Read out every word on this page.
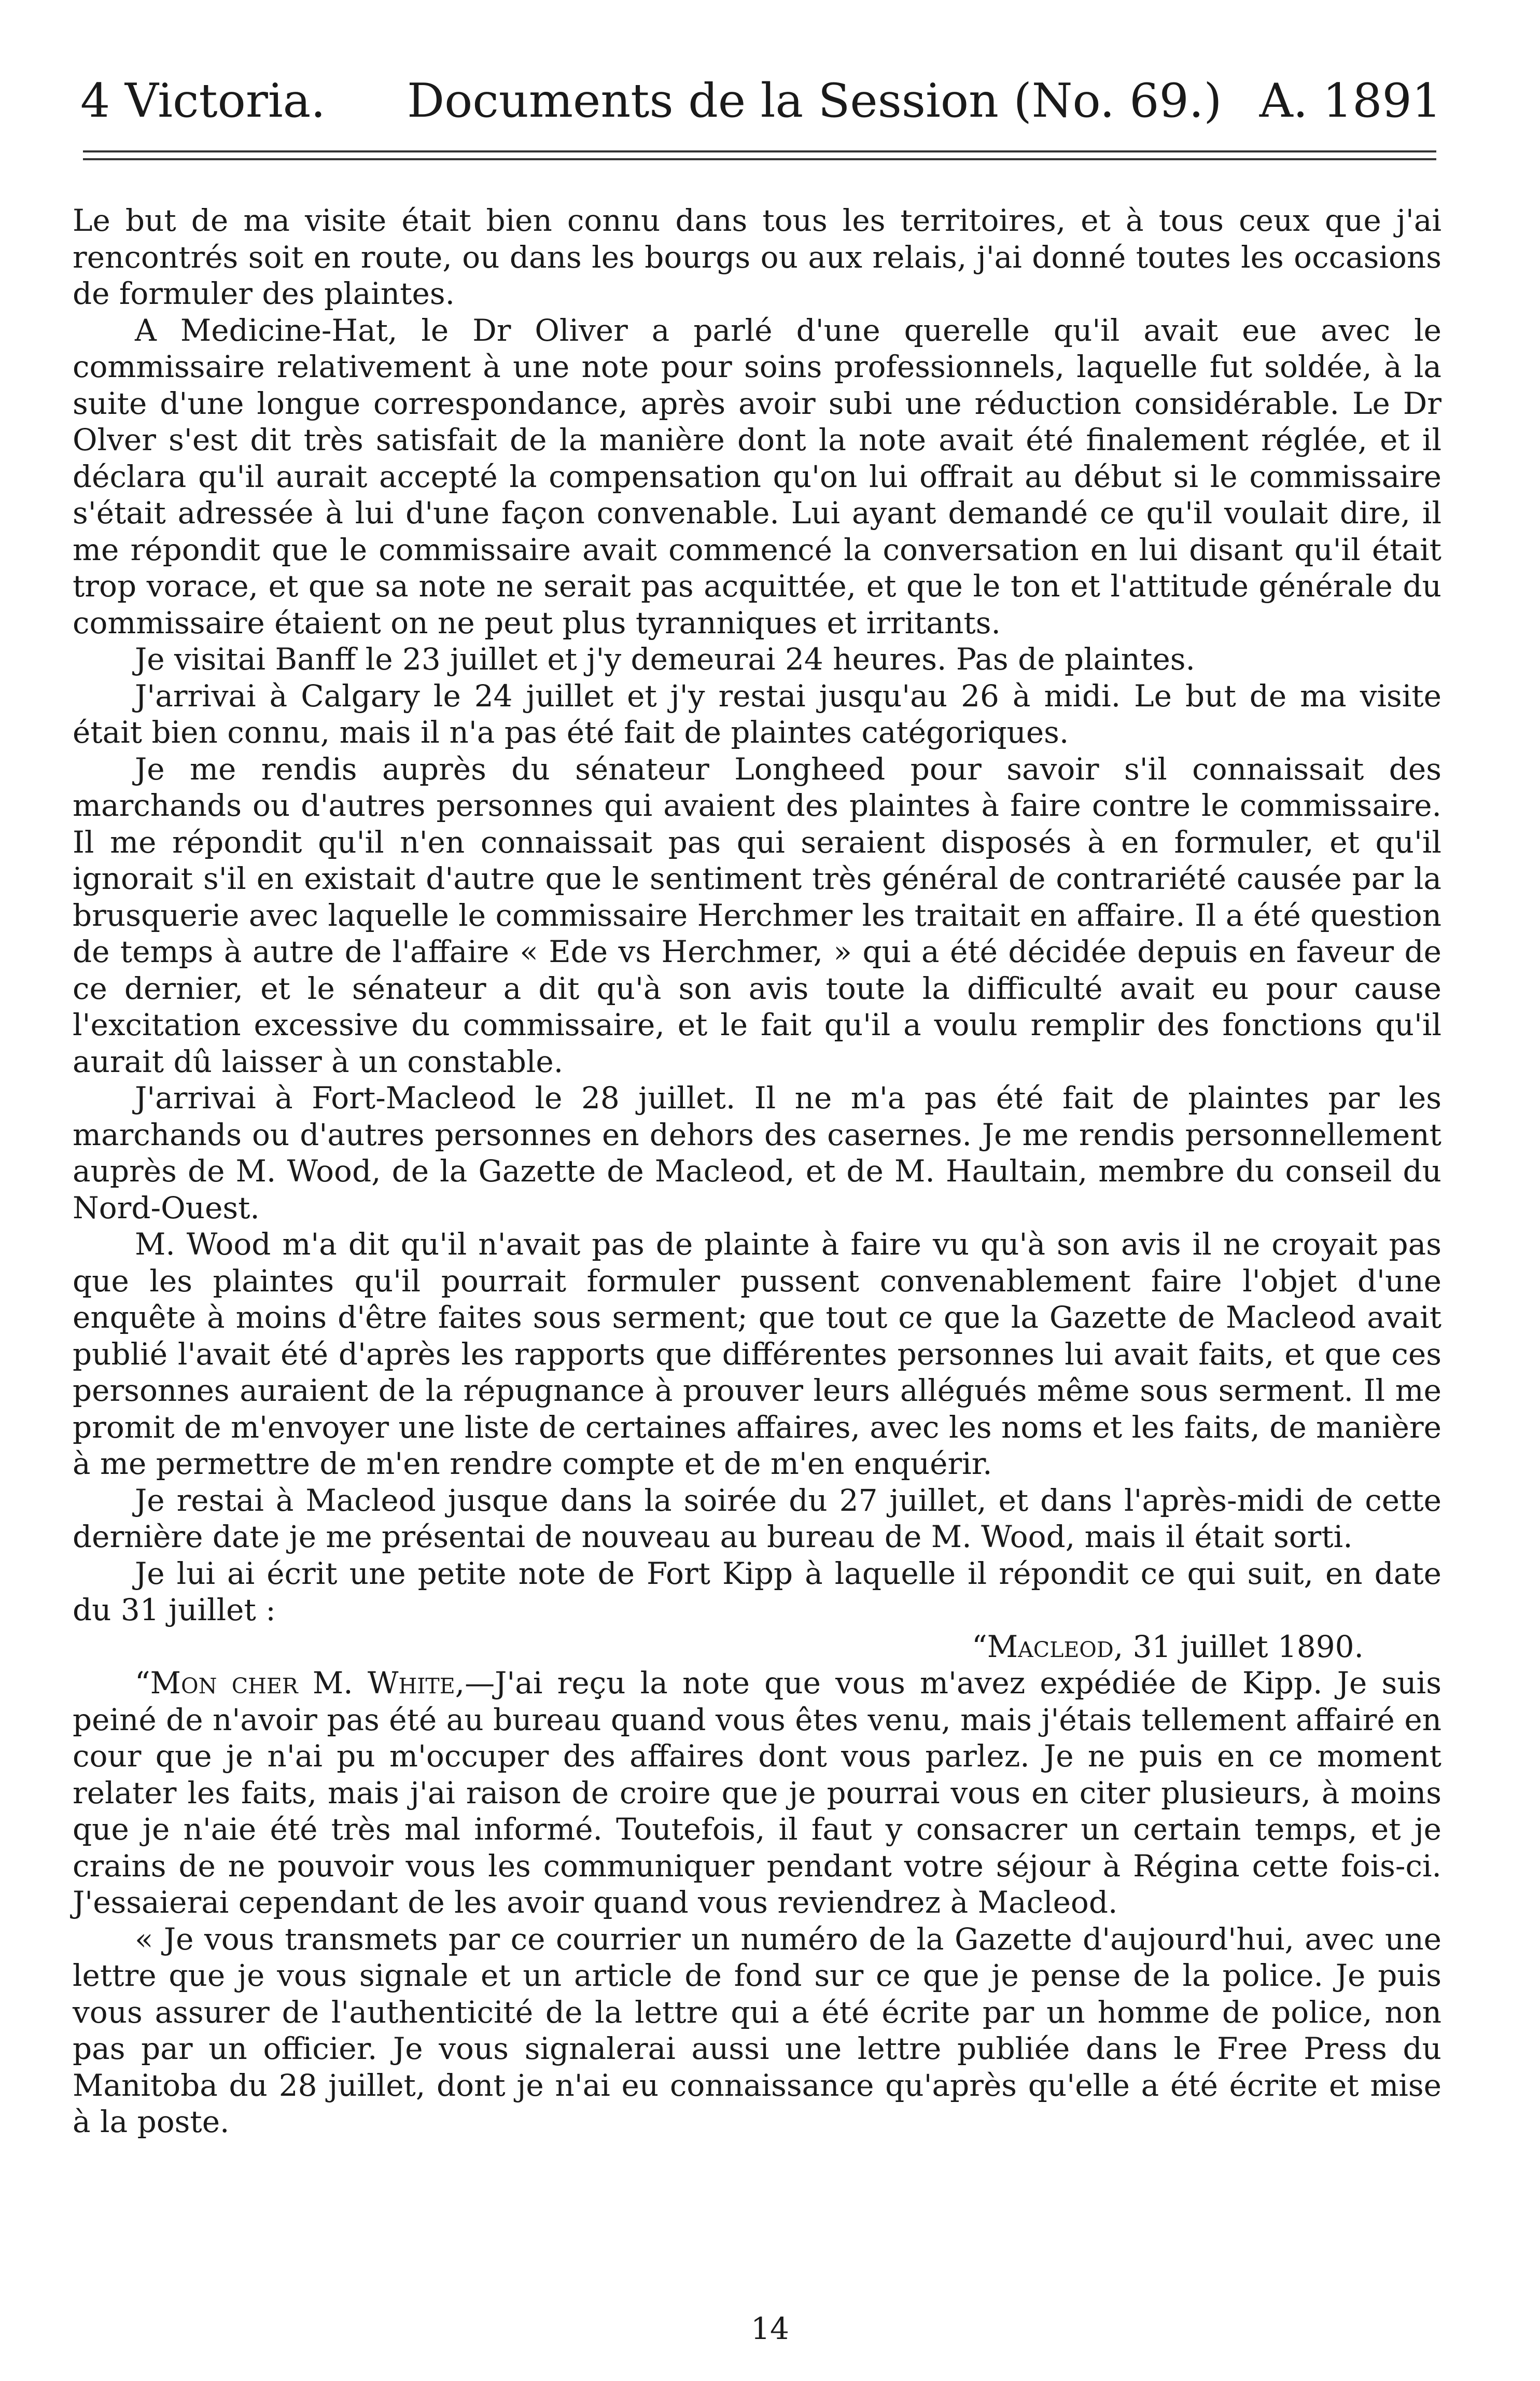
4 Victoria. Documents de la Session (No. 69.) A. 1891

Le but de ma visite était bien connu dans tous les territoires, et à tous ceux que j'ai rencontrés soit en route, ou dans les bourgs ou aux relais, j'ai donné toutes les occasions de formuler des plaintes.

A Medicine-Hat, le Dr Oliver a parlé d'une querelle qu'il avait eue avec le commissaire relativement à une note pour soins professionnels, laquelle fut soldée, à la suite d'une longue correspondance, après avoir subi une réduction considérable. Le Dr Olver s'est dit très satisfait de la manière dont la note avait été finalement réglée, et il déclara qu'il aurait accepté la compensation qu'on lui offrait au début si le commissaire s'était adressée à lui d'une façon convenable. Lui ayant demandé ce qu'il voulait dire, il me répondit que le commissaire avait commencé la conversation en lui disant qu'il était trop vorace, et que sa note ne serait pas acquittée, et que le ton et l'attitude générale du commissaire étaient on ne peut plus tyranniques et irritants.

Je visitai Banff le 23 juillet et j'y demeurai 24 heures. Pas de plaintes.

J'arrivai à Calgary le 24 juillet et j'y restai jusqu'au 26 à midi. Le but de ma visite était bien connu, mais il n'a pas été fait de plaintes catégoriques.

Je me rendis auprès du sénateur Longheed pour savoir s'il connaissait des marchands ou d'autres personnes qui avaient des plaintes à faire contre le commissaire. Il me répondit qu'il n'en connaissait pas qui seraient disposés à en formuler, et qu'il ignorait s'il en existait d'autre que le sentiment très général de contrariété causée par la brusquerie avec laquelle le commissaire Herchmer les traitait en affaire. Il a été question de temps à autre de l'affaire « Ede vs Herchmer, » qui a été décidée depuis en faveur de ce dernier, et le sénateur a dit qu'à son avis toute la difficulté avait eu pour cause l'excitation excessive du commissaire, et le fait qu'il a voulu remplir des fonctions qu'il aurait dû laisser à un constable.

J'arrivai à Fort-Macleod le 28 juillet. Il ne m'a pas été fait de plaintes par les marchands ou d'autres personnes en dehors des casernes. Je me rendis personnellement auprès de M. Wood, de la Gazette de Macleod, et de M. Haultain, membre du conseil du Nord-Ouest.

M. Wood m'a dit qu'il n'avait pas de plainte à faire vu qu'à son avis il ne croyait pas que les plaintes qu'il pourrait formuler pussent convenablement faire l'objet d'une enquête à moins d'être faites sous serment; que tout ce que la Gazette de Macleod avait publié l'avait été d'après les rapports que différentes personnes lui avait faits, et que ces personnes auraient de la répugnance à prouver leurs allégués même sous serment. Il me promit de m'envoyer une liste de certaines affaires, avec les noms et les faits, de manière à me permettre de m'en rendre compte et de m'en enquérir.

Je restai à Macleod jusque dans la soirée du 27 juillet, et dans l'après-midi de cette dernière date je me présentai de nouveau au bureau de M. Wood, mais il était sorti.

Je lui ai écrit une petite note de Fort Kipp à laquelle il répondit ce qui suit, en date du 31 juillet :

“Macleod, 31 juillet 1890.

“Mon cher M. White,—J'ai reçu la note que vous m'avez expédiée de Kipp. Je suis peiné de n'avoir pas été au bureau quand vous êtes venu, mais j'étais tellement affairé en cour que je n'ai pu m'occuper des affaires dont vous parlez. Je ne puis en ce moment relater les faits, mais j'ai raison de croire que je pourrai vous en citer plusieurs, à moins que je n'aie été très mal informé. Toutefois, il faut y consacrer un certain temps, et je crains de ne pouvoir vous les communiquer pendant votre séjour à Régina cette fois-ci. J'essaierai cependant de les avoir quand vous reviendrez à Macleod.

« Je vous transmets par ce courrier un numéro de la Gazette d'aujourd'hui, avec une lettre que je vous signale et un article de fond sur ce que je pense de la police. Je puis vous assurer de l'authenticité de la lettre qui a été écrite par un homme de police, non pas par un officier. Je vous signalerai aussi une lettre publiée dans le Free Press du Manitoba du 28 juillet, dont je n'ai eu connaissance qu'après qu'elle a été écrite et mise à la poste.

14
